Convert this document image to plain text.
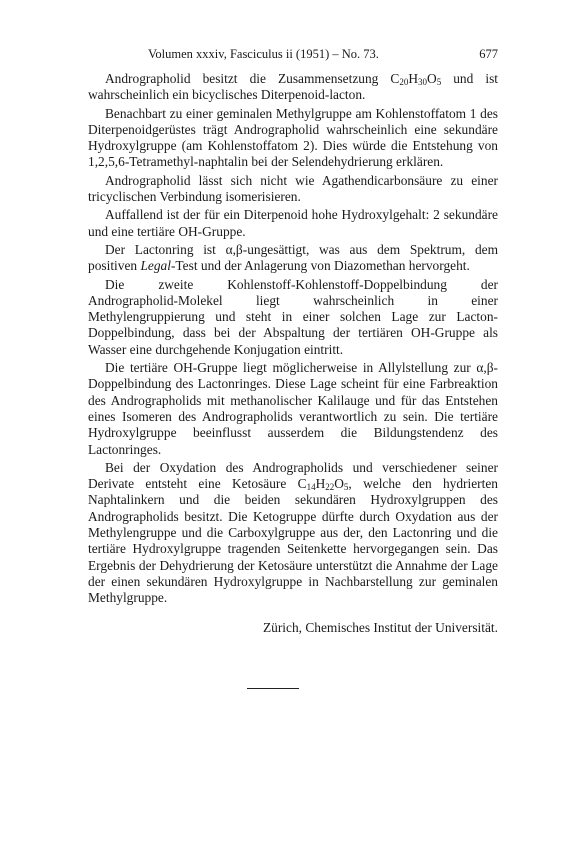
Volumen xxxiv, Fasciculus ii (1951) – No. 73.	677

Andrographolid besitzt die Zusammensetzung $C_{20}H_{30}O_5$ und ist wahrscheinlich ein bicyclisches Diterpenoid-lacton.

Benachbart zu einer geminalen Methylgruppe am Kohlenstoffatom 1 des Diterpenoidgerüstes trägt Andrographolid wahrscheinlich eine sekundäre Hydroxylgruppe (am Kohlenstoffatom 2). Dies würde die Entstehung von 1,2,5,6-Tetramethyl-naphtalin bei der Selendehydrierung erklären.

Andrographolid lässt sich nicht wie Agathendicarbonsäure zu einer tricyclischen Verbindung isomerisieren.

Auffallend ist der für ein Diterpenoid hohe Hydroxylgehalt: 2 sekundäre und eine tertiäre OH-Gruppe.

Der Lactonring ist α,β-ungesättigt, was aus dem Spektrum, dem positiven Legal-Test und der Anlagerung von Diazomethan hervorgeht.

Die zweite Kohlenstoff-Kohlenstoff-Doppelbindung der Andrographolid-Molekel liegt wahrscheinlich in einer Methylengruppierung und steht in einer solchen Lage zur Lacton-Doppelbindung, dass bei der Abspaltung der tertiären OH-Gruppe als Wasser eine durchgehende Konjugation eintritt.

Die tertiäre OH-Gruppe liegt möglicherweise in Allylstellung zur α,β-Doppelbindung des Lactonringes. Diese Lage scheint für eine Farbreaktion des Andrographolids mit methanolischer Kalilauge und für das Entstehen eines Isomeren des Andrographolids verantwortlich zu sein. Die tertiäre Hydroxylgruppe beeinflusst ausserdem die Bildungstendenz des Lactonringes.

Bei der Oxydation des Andrographolids und verschiedener seiner Derivate entsteht eine Ketosäure $C_{14}H_{22}O_5$, welche den hydrierten Naphtalinkern und die beiden sekundären Hydroxylgruppen des Andrographolids besitzt. Die Ketogruppe dürfte durch Oxydation aus der Methylengruppe und die Carboxylgruppe aus der, den Lactonring und die tertiäre Hydroxylgruppe tragenden Seitenkette hervorgegangen sein. Das Ergebnis der Dehydrierung der Ketosäure unterstützt die Annahme der Lage der einen sekundären Hydroxylgruppe in Nachbarstellung zur geminalen Methylgruppe.

Zürich, Chemisches Institut der Universität.
